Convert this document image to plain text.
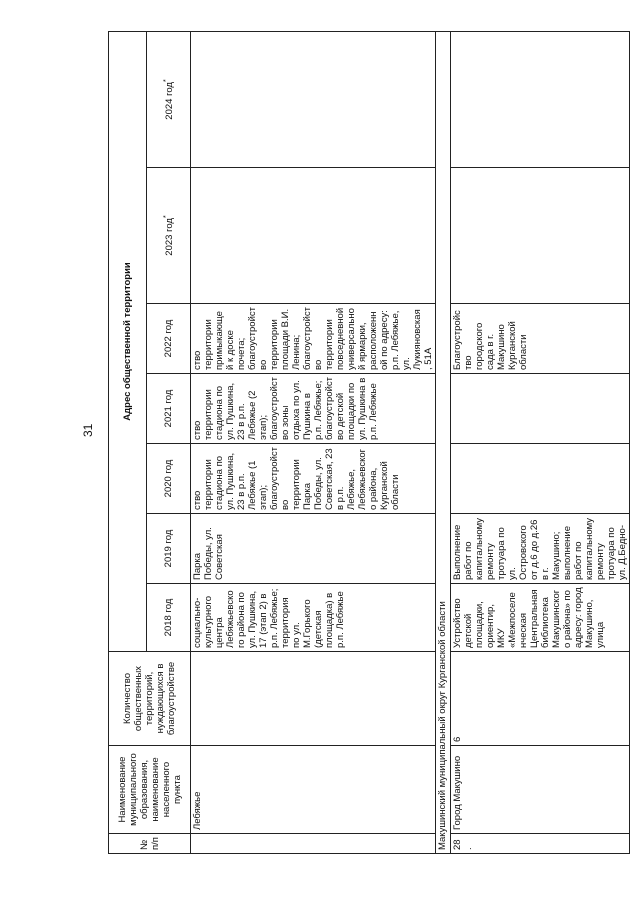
31
№ п/п	Наименование муниципального образования, наименование населенного пункта	Количество общественных территорий, нуждающихся в благоустройстве	Адрес общественной территории						
			2018 год	2019 год	2020 год	2021 год	2022 год	2023 год*	2024 год*
	Лебяжье		социально-культурного центра Лебяжьевского района по ул. Пушкина, 17 (этап 2) в р.п. Лебяжье; территория по ул. М.Горького (детская площадка) в р.п. Лебяжье	Парка Победы, ул. Советская	ство территории стадиона по ул. Пушкина, 23 в р.п. Лебяжье (1 этап); благоустройство территории Парка Победы, ул. Советская, 23 в р.п. Лебяжье, Лебяжьевского района, Курганской области	ство территории стадиона по ул. Пушкина, 23 в р.п. Лебяжье (2 этап); благоустройство зоны отдыха по ул. Пушкина в р.п. Лебяжье; благоустройство детской площадки по ул. Пушкина в р.п. Лебяжье	ство территории примыкающей к доске почета; благоустройство территории площади В.И. Ленина; благоустройство территории повседневной универсальной ярмарки, расположенной по адресу: р.п. Лебяжье, ул. Лукияновская, 51А		
Макушинский муниципальный округ Курганской области									
28.	Город Макушино	6	Устройство детской площадки, ориентир, МКУ «Межпоселенческая Центральная библиотека Макушинского района» по адресу: город Макушино, улица	Выполнение работ по капитальному ремонту тротуара по ул. Островского от д.6 до д.26 в г. Макушино; выполнение работ по капитальному ремонту тротуара по ул. Д.Бедно-			Благоустройство городского сада в г. Макушино Курганской области		
